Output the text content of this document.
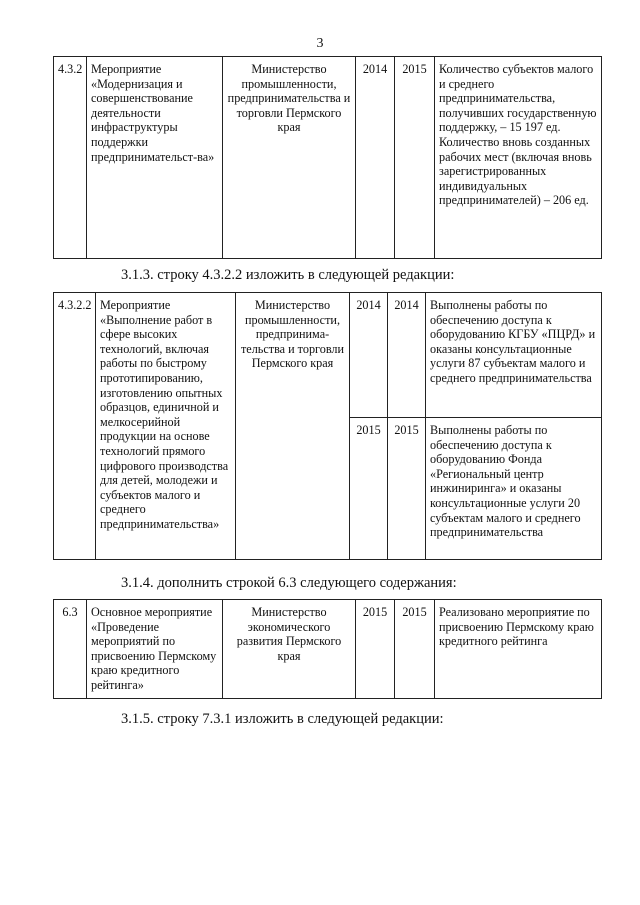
3
4.3.2	Мероприятие «Модернизация и совершенствование деятельности инфраструктуры поддержки предпринимательст-ва»	Министерство промышленности, предпринимательства и торговли Пермского края	2014	2015	Количество субъектов малого и среднего предпринимательства, получивших государственную поддержку, – 15 197 ед. Количество вновь созданных рабочих мест (включая вновь зарегистрированных индивидуальных предпринимателей) – 206 ед.
3.1.3. строку 4.3.2.2 изложить в следующей редакции:
4.3.2.2	Мероприятие «Выполнение работ в сфере высоких технологий, включая работы по быстрому прототипированию, изготовлению опытных образцов, единичной и мелкосерийной продукции на основе технологий прямого цифрового производства для детей, молодежи и субъектов малого и среднего предпринимательства»	Министерство промышленности, предпринима-тельства и торговли Пермского края	2014	2014	Выполнены работы по обеспечению доступа к оборудованию КГБУ «ПЦРД» и оказаны консультационные услуги 87 субъектам малого и среднего предпринимательства
			2015	2015	Выполнены работы по обеспечению доступа к оборудованию Фонда «Региональный центр инжиниринга» и оказаны консультационные услуги 20 субъектам малого и среднего предпринимательства
3.1.4. дополнить строкой 6.3 следующего содержания:
6.3	Основное мероприятие «Проведение мероприятий по присвоению Пермскому краю кредитного рейтинга»	Министерство экономического развития Пермского края	2015	2015	Реализовано мероприятие по присвоению Пермскому краю кредитного рейтинга
3.1.5. строку 7.3.1 изложить в следующей редакции:
